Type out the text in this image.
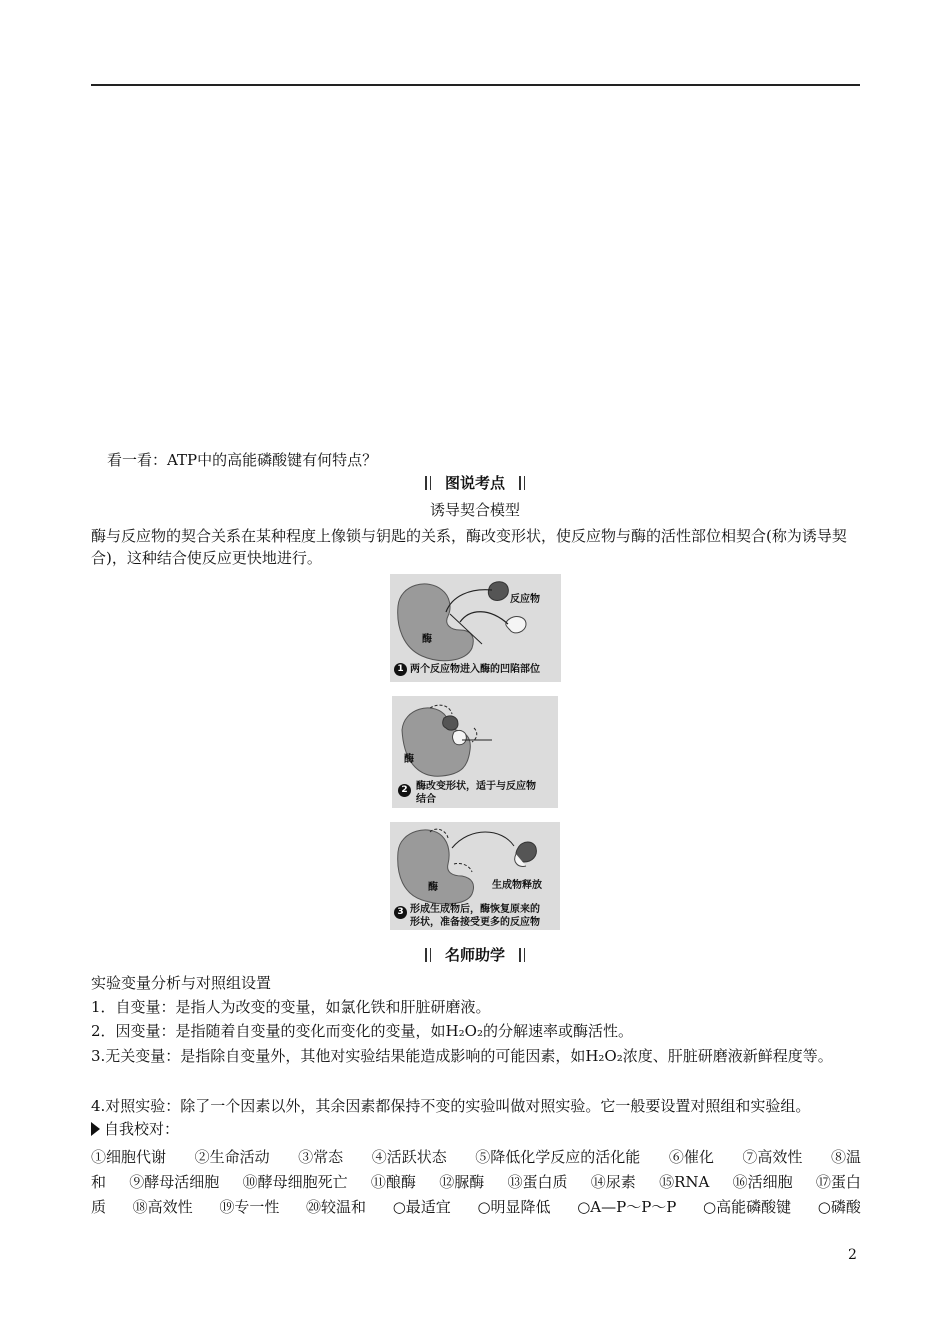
看一看：ATP中的高能磷酸键有何特点？
图说考点
诱导契合模型
酶与反应物的契合关系在某种程度上像锁与钥匙的关系，酶改变形状，使反应物与酶的活性部位相契合(称为诱导契合)，这种结合使反应更快地进行。
酶
反应物
1 两个反应物进入酶的凹陷部位
酶
2 酶改变形状，适于与反应物
结合
酶	生成物释放
3 形成生成物后，酶恢复原来的
形状，准备接受更多的反应物
名师助学
实验变量分析与对照组设置
1．自变量：是指人为改变的变量，如氯化铁和肝脏研磨液。
2．因变量：是指随着自变量的变化而变化的变量，如H₂O₂的分解速率或酶活性。
3.无关变量：是指除自变量外，其他对实验结果能造成影响的可能因素，如H₂O₂浓度、肝脏研磨液新鲜程度等。
4.对照实验：除了一个因素以外，其余因素都保持不变的实验叫做对照实验。它一般要设置对照组和实验组。
自我校对：
①细胞代谢 ②生命活动 ③常态 ④活跃状态 ⑤降低化学反应的活化能 ⑥催化 ⑦高效性 ⑧温
和 ⑨酵母活细胞 ⑩酵母细胞死亡 ⑪酿酶 ⑫脲酶 ⑬蛋白质 ⑭尿素 ⑮RNA ⑯活细胞 ⑰蛋白
质 ⑱高效性 ⑲专一性 ⑳较温和 ○最适宜 ○明显降低 ○A—P～P～P ○高能磷酸键 ○磷酸
2
